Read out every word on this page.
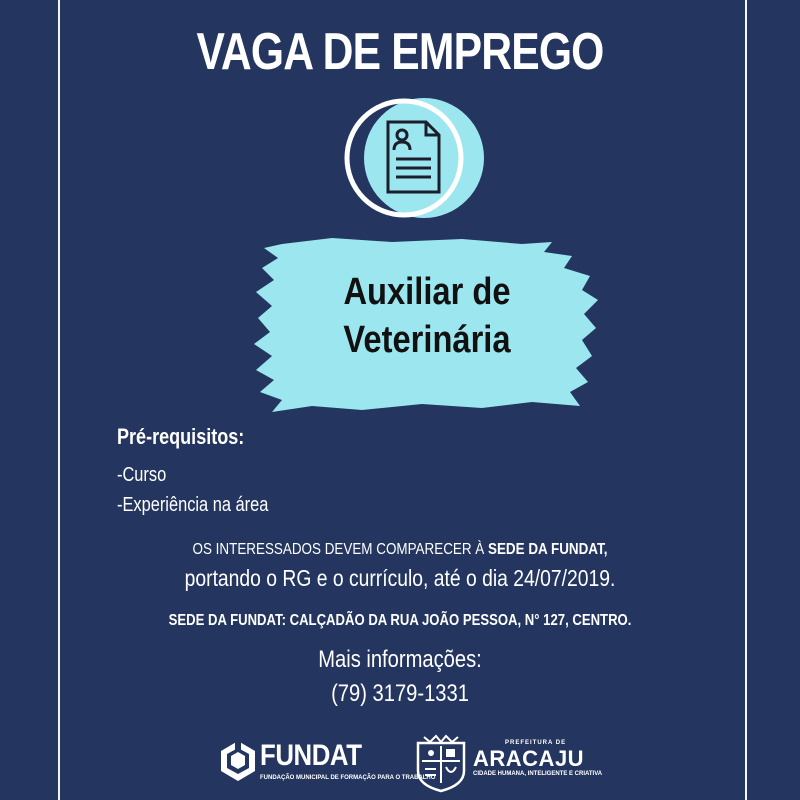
VAGA DE EMPREGO
Auxiliar de
Veterinária
Pré-requisitos:
-Curso
-Experiência na área
OS INTERESSADOS DEVEM COMPARECER À SEDE DA FUNDAT,
portando o RG e o currículo, até o dia 24/07/2019.
SEDE DA FUNDAT: CALÇADÃO DA RUA JOÃO PESSOA, N° 127, CENTRO.
Mais informações:
(79) 3179-1331
FUNDAT
FUNDAÇÃO MUNICIPAL DE FORMAÇÃO PARA O TRABALHO
PREFEITURA DE
ARACAJU
CIDADE HUMANA, INTELIGENTE E CRIATIVA
